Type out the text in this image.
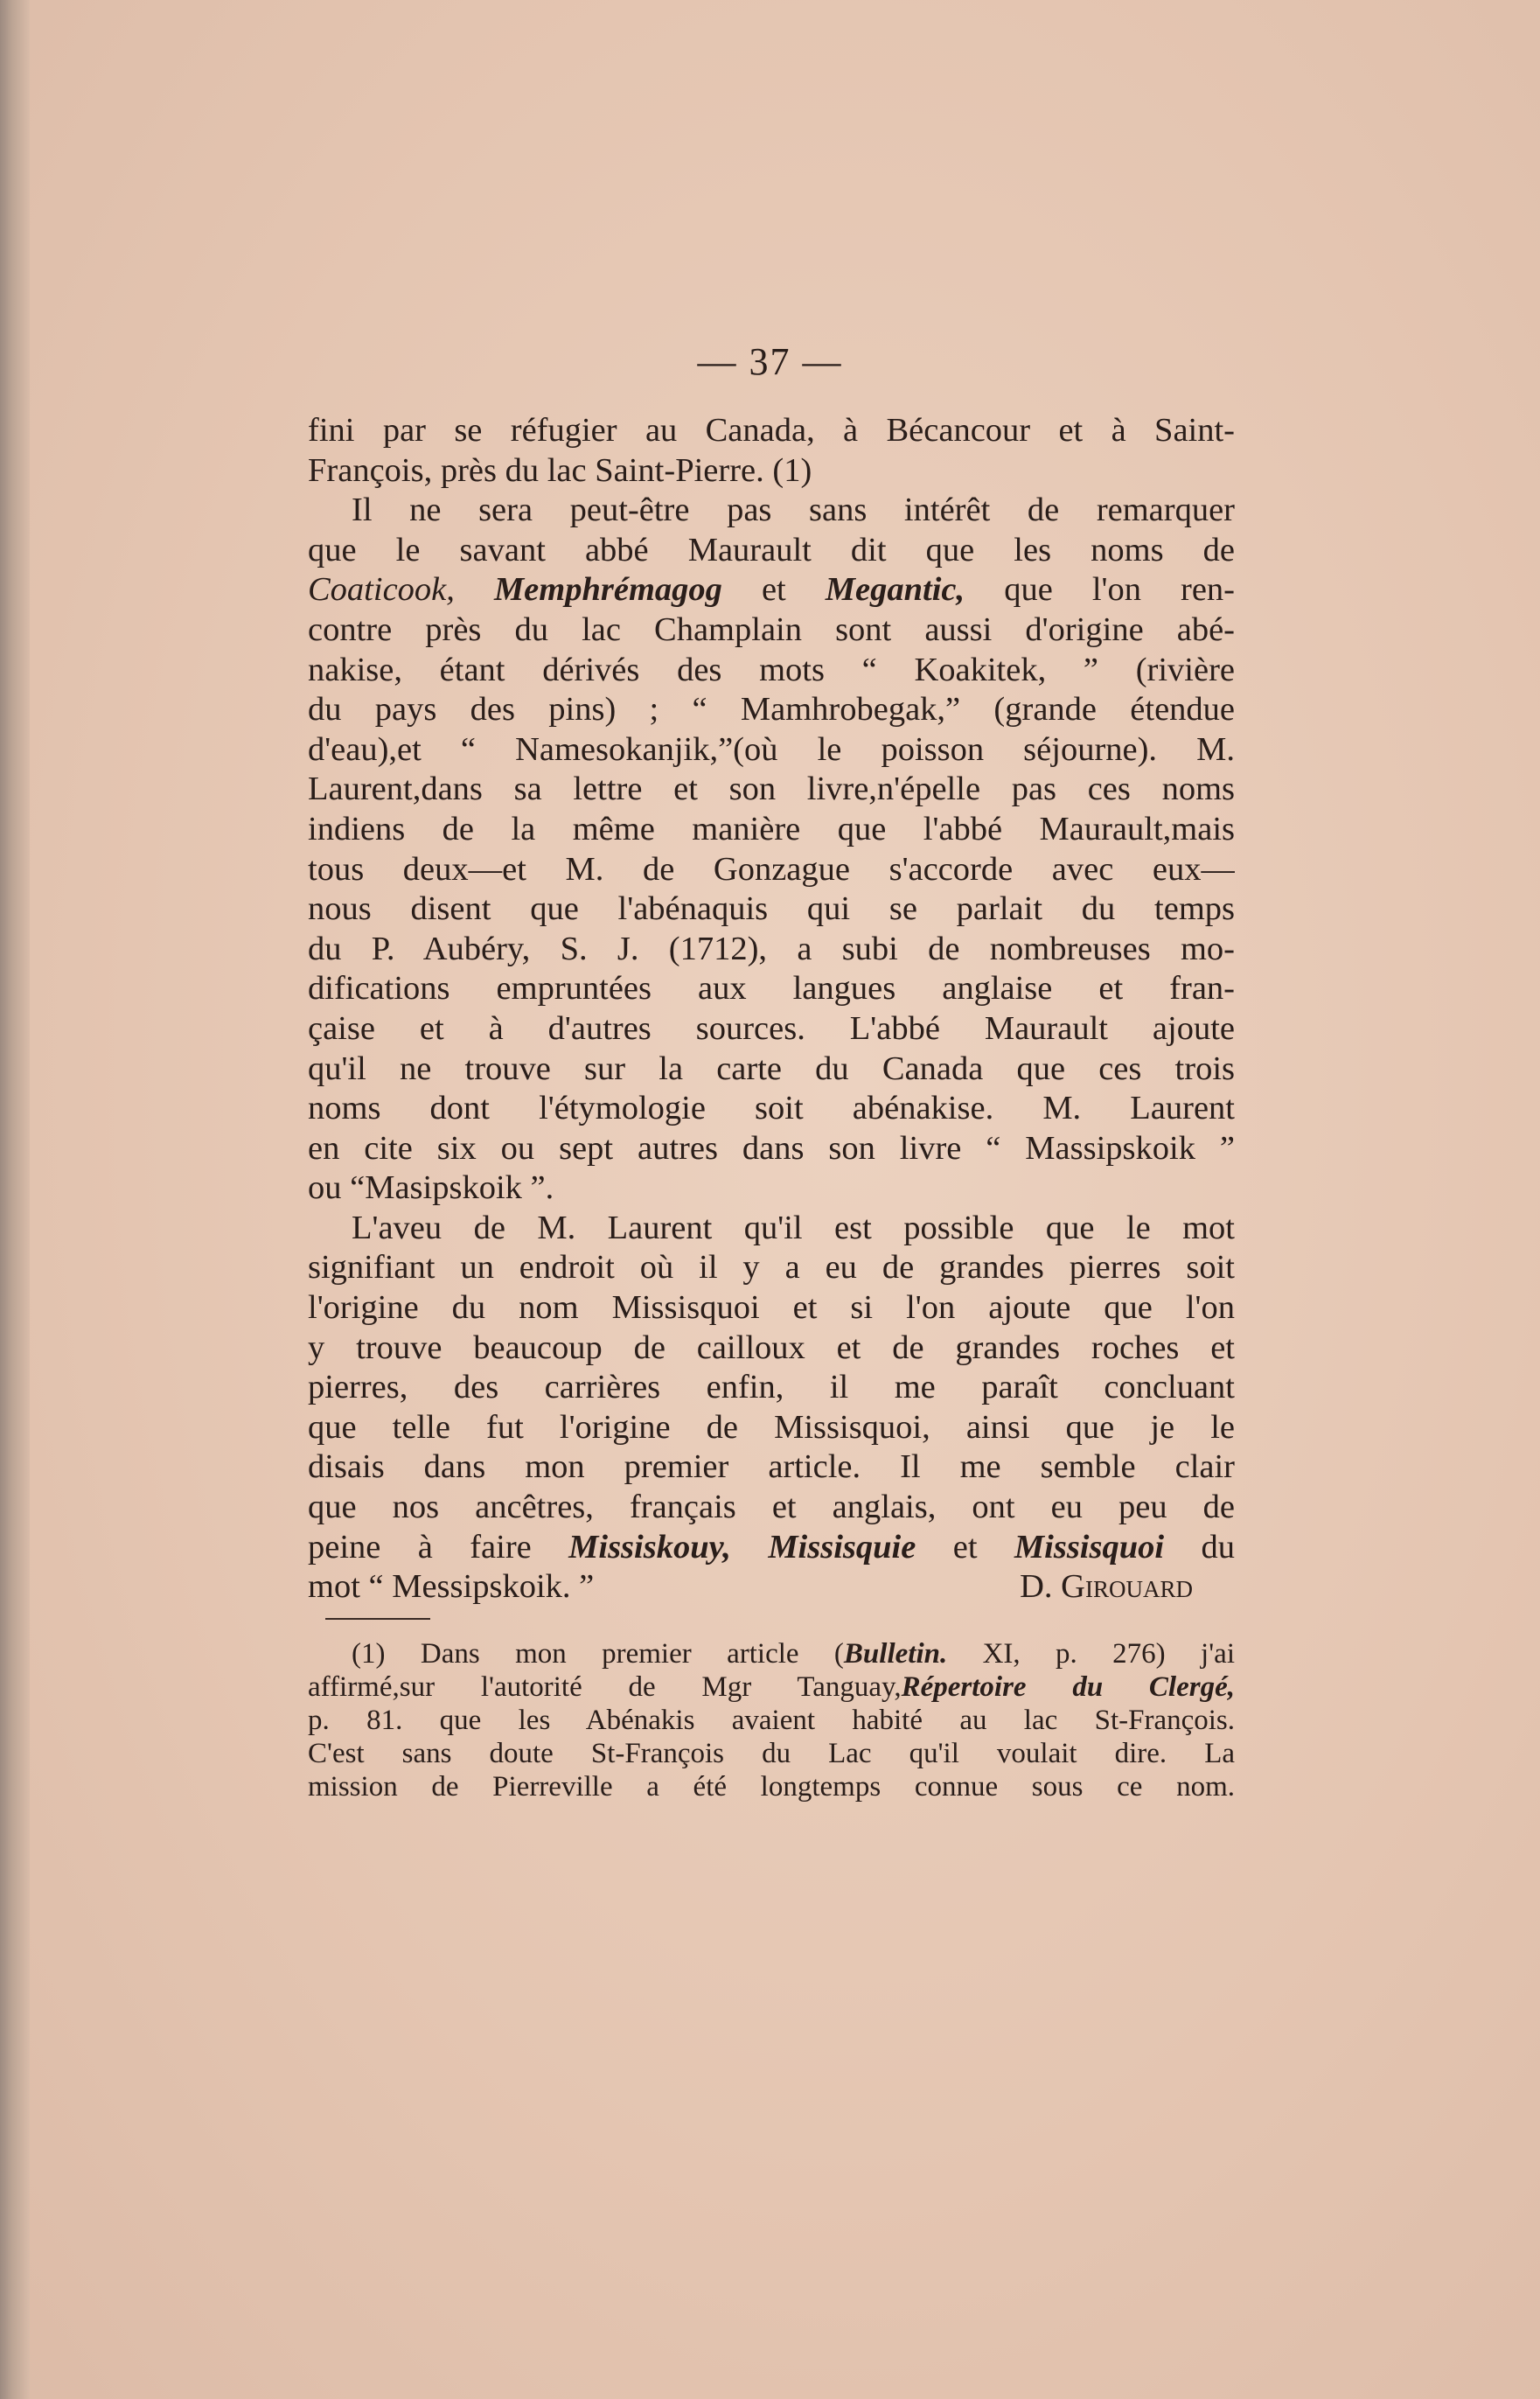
— 37 —
fini par se réfugier au Canada, à Bécancour et à Saint-
François, près du lac Saint-Pierre. (1)
Il ne sera peut-être pas sans intérêt de remarquer
que le savant abbé Maurault dit que les noms de
Coaticook, Memphrémagog et Megantic, que l'on ren-
contre près du lac Champlain sont aussi d'origine abé-
nakise, étant dérivés des mots “ Koakitek, ” (rivière
du pays des pins) ; “ Mamhrobegak,” (grande étendue
d'eau),et “ Namesokanjik,”(où le poisson séjourne). M.
Laurent,dans sa lettre et son livre,n'épelle pas ces noms
indiens de la même manière que l'abbé Maurault,mais
tous deux—et M. de Gonzague s'accorde avec eux—
nous disent que l'abénaquis qui se parlait du temps
du P. Aubéry, S. J. (1712), a subi de nombreuses mo-
difications empruntées aux langues anglaise et fran-
çaise et à d'autres sources. L'abbé Maurault ajoute
qu'il ne trouve sur la carte du Canada que ces trois
noms dont l'étymologie soit abénakise. M. Laurent
en cite six ou sept autres dans son livre “ Massipskoik ”
ou “Masipskoik ”.
L'aveu de M. Laurent qu'il est possible que le mot
signifiant un endroit où il y a eu de grandes pierres soit
l'origine du nom Missisquoi et si l'on ajoute que l'on
y trouve beaucoup de cailloux et de grandes roches et
pierres, des carrières enfin, il me paraît concluant
que telle fut l'origine de Missisquoi, ainsi que je le
disais dans mon premier article. Il me semble clair
que nos ancêtres, français et anglais, ont eu peu de
peine à faire Missiskouy, Missisquie et Missisquoi du
mot “ Messipskoik. ”	D. Girouard
(1) Dans mon premier article (Bulletin. XI, p. 276) j'ai
affirmé,sur l'autorité de Mgr Tanguay,Répertoire du Clergé,
p. 81. que les Abénakis avaient habité au lac St-François.
C'est sans doute St-François du Lac qu'il voulait dire. La
mission de Pierreville a été longtemps connue sous ce nom.
